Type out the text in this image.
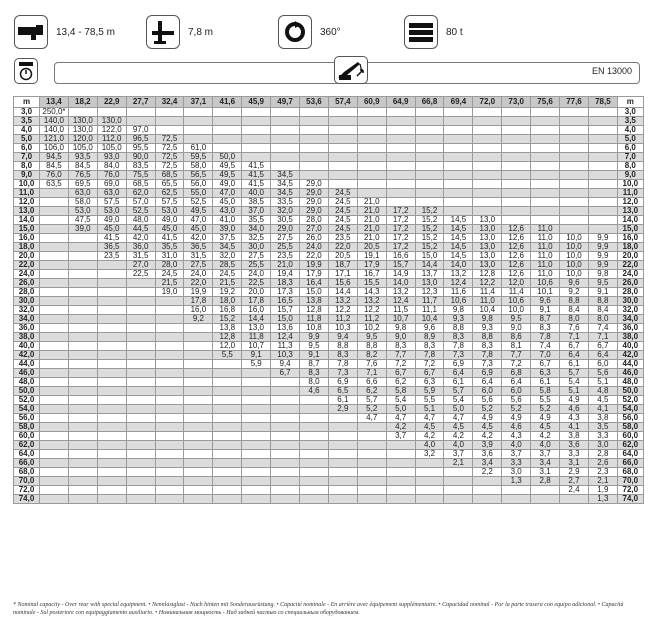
13,4 - 78,5 m	7,8 m	360°	80 t
EN 13000
m	13,4	18,2	22,9	27,7	32,4	37,1	41,6	45,9	49,7	53,6	57,4	60,9	64,9	66,8	69,4	72,0	73,0	75,6	77,6	78,5	m
3,0	250,0*																				3,0
3,5	140,0	130,0	130,0																		3,5
4,0	140,0	130,0	122,0	97,0																	4,0
5,0	121,0	120,0	112,0	96,5	72,5																5,0
6,0	106,0	105,0	105,0	95,5	72,5	61,0															6,0
7,0	94,5	93,5	93,0	90,0	72,5	59,5	50,0														7,0
8,0	84,5	84,5	84,0	83,5	72,5	58,0	49,5	41,5													8,0
9,0	76,0	76,5	76,0	75,5	68,5	56,5	49,5	41,5	34,5												9,0
10,0	63,5	69,5	69,0	68,5	65,5	56,0	49,0	41,5	34,5	29,0											10,0
11,0		63,0	63,0	62,0	62,5	55,0	47,0	40,0	34,5	29,0	24,5										11,0
12,0		58,0	57,5	57,0	57,5	52,5	45,0	38,5	33,5	29,0	24,5	21,0									12,0
13,0		53,0	53,0	52,5	53,0	49,5	43,0	37,0	32,0	29,0	24,5	21,0	17,2	15,2							13,0
14,0		47,5	49,0	48,0	49,0	47,0	41,0	35,5	30,5	28,0	24,5	21,0	17,2	15,2	14,5	13,0					14,0
15,0		39,0	45,0	44,5	45,0	45,0	39,0	34,0	29,0	27,0	24,5	21,0	17,2	15,2	14,5	13,0	12,6	11,0			15,0
16,0			41,5	42,0	41,5	42,0	37,5	32,5	27,5	26,0	23,5	21,0	17,2	15,2	14,5	13,0	12,6	11,0	10,0	9,9	16,0
18,0			36,5	36,0	35,5	36,5	34,5	30,0	25,5	24,0	22,0	20,5	17,2	15,2	14,5	13,0	12,6	11,0	10,0	9,9	18,0
20,0			23,5	31,5	31,0	31,5	32,0	27,5	23,5	22,0	20,5	19,1	16,6	15,0	14,5	13,0	12,6	11,0	10,0	9,9	20,0
22,0				27,0	28,0	27,5	28,5	25,5	21,0	19,9	18,7	17,9	15,7	14,4	14,0	13,0	12,6	11,0	10,0	9,9	22,0
24,0				22,5	24,5	24,0	24,5	24,0	19,4	17,9	17,1	16,7	14,9	13,7	13,2	12,8	12,6	11,0	10,0	9,8	24,0
26,0					21,5	22,0	21,5	22,5	18,3	16,4	15,6	15,5	14,0	13,0	12,4	12,2	12,0	10,6	9,6	9,5	26,0
28,0					19,0	19,9	19,2	20,0	17,3	15,0	14,4	14,3	13,2	12,3	11,6	11,4	11,4	10,1	9,2	9,1	28,0
30,0						17,8	18,0	17,8	16,5	13,8	13,2	13,2	12,4	11,7	10,6	11,0	10,6	9,6	8,8	8,8	30,0
32,0						16,0	16,8	16,0	15,7	12,8	12,2	12,2	11,5	11,1	9,8	10,4	10,0	9,1	8,4	8,4	32,0
34,0						9,2	15,2	14,4	15,0	11,8	11,2	11,2	10,7	10,4	9,3	9,8	9,5	8,7	8,0	8,0	34,0
36,0							13,8	13,0	13,6	10,8	10,3	10,2	9,8	9,6	8,8	9,3	9,0	8,3	7,6	7,4	36,0
38,0							12,8	11,8	12,4	9,9	9,4	9,5	9,0	8,9	8,3	8,8	8,6	7,8	7,1	7,1	38,0
40,0							12,0	10,7	11,3	9,5	8,8	8,8	8,3	8,3	7,8	8,3	8,1	7,4	6,7	6,7	40,0
42,0							5,5	9,1	10,3	9,1	8,3	8,2	7,7	7,8	7,3	7,8	7,7	7,0	6,4	6,4	42,0
44,0								5,9	9,4	8,7	7,8	7,6	7,2	7,2	6,9	7,3	7,2	6,7	6,1	6,0	44,0
46,0									6,7	8,3	7,3	7,1	6,7	6,7	6,4	6,9	6,8	6,3	5,7	5,6	46,0
48,0										8,0	6,9	6,6	6,2	6,3	6,1	6,4	6,4	6,1	5,4	5,1	48,0
50,0										4,6	6,5	6,2	5,8	5,9	5,7	6,0	6,0	5,8	5,1	4,8	50,0
52,0											6,1	5,7	5,4	5,5	5,4	5,6	5,6	5,5	4,9	4,5	52,0
54,0											2,9	5,2	5,0	5,1	5,0	5,2	5,2	5,2	4,6	4,1	54,0
56,0												4,7	4,7	4,7	4,7	4,9	4,9	4,9	4,3	3,8	56,0
58,0													4,2	4,5	4,5	4,5	4,6	4,5	4,1	3,5	58,0
60,0													3,7	4,2	4,2	4,2	4,3	4,2	3,8	3,3	60,0
62,0														4,0	4,0	3,9	4,0	4,0	3,6	3,0	62,0
64,0														3,2	3,7	3,6	3,7	3,7	3,3	2,8	64,0
66,0															2,1	3,4	3,3	3,4	3,1	2,6	66,0
68,0																2,2	3,0	3,1	2,9	2,3	68,0
70,0																	1,3	2,8	2,7	2,1	70,0
72,0																			2,4	1,9	72,0
74,0																				1,3	74,0
* Nominal capacity - Over rear with special equipment. • Nennlastglast - Nach hinten mit Sonderausrüstung. • Capacité nominale - En arrière avec équipement supplémentaire. • Capacidad nominal - Por la parte trasera con equipo adicional. • Capacità nominale - Sul posteriore con equipaggiamento ausiliario. • Номинальная мощность - Над задней частью со специальным оборудованием.
